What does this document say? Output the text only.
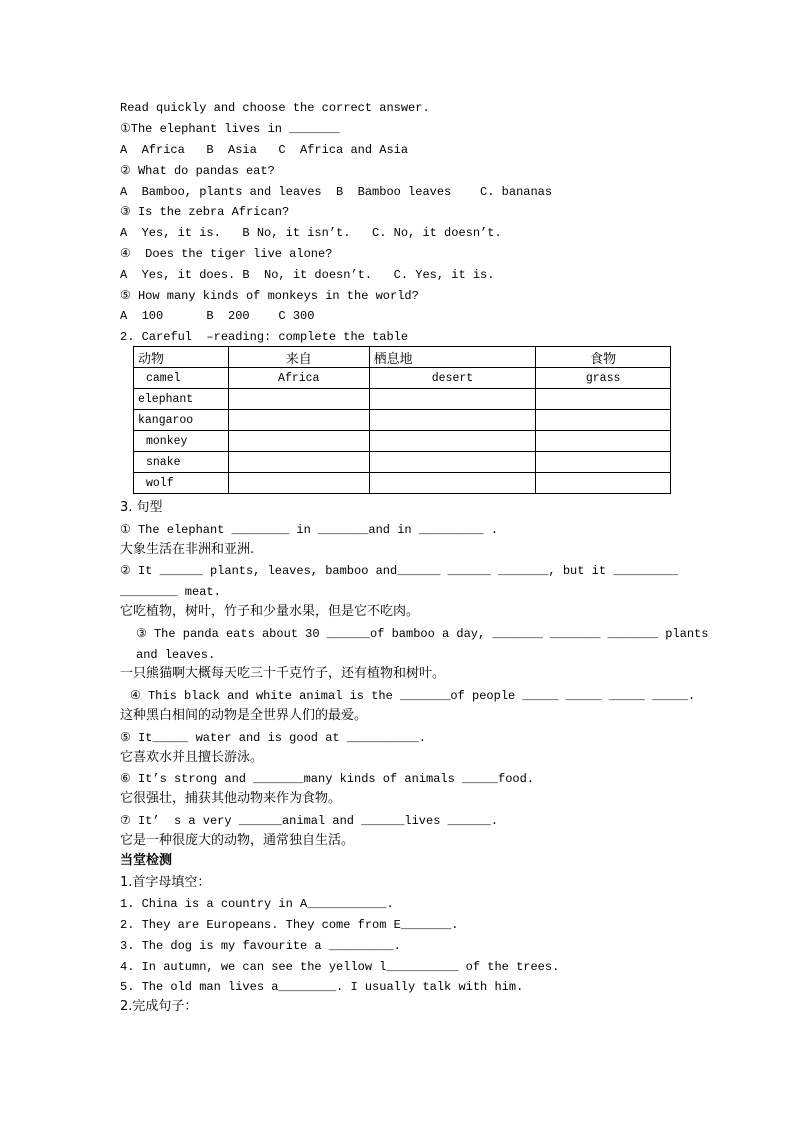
Read quickly and choose the correct answer.
①The elephant lives in _______
A  Africa   B  Asia   C  Africa and Asia
② What do pandas eat?
A  Bamboo, plants and leaves  B  Bamboo leaves    C. bananas
③ Is the zebra African?
A  Yes, it is.   B No, it isn’t.   C. No, it doesn’t.
④  Does the tiger live alone?
A  Yes, it does. B  No, it doesn’t.   C. Yes, it is.
⑤ How many kinds of monkeys in the world?
A  100      B  200    C 300
2. Careful  –reading: complete the table
动物	来自	栖息地	食物
camel	Africa	desert	grass
elephant			
kangaroo			
monkey			
snake			
wolf			
3. 句型
① The elephant ________ in _______and in _________ .
大象生活在非洲和亚洲.
② It ______ plants, leaves, bamboo and______ ______ _______, but it _________
________ meat.
它吃植物，树叶，竹子和少量水果，但是它不吃肉。
③ The panda eats about 30 ______of bamboo a day, _______ _______ _______ plants
and leaves.
一只熊猫啊大概每天吃三十千克竹子，还有植物和树叶。
④ This black and white animal is the _______of people _____ _____ _____ _____.
这种黑白相间的动物是全世界人们的最爱。
⑤ It_____ water and is good at __________.
它喜欢水并且擅长游泳。
⑥ It’s strong and _______many kinds of animals _____food.
它很强壮，捕获其他动物来作为食物。
⑦ It’  s a very ______animal and ______lives ______.
它是一种很庞大的动物，通常独自生活。
当堂检测
1.首字母填空：
1. China is a country in A___________.
2. They are Europeans. They come from E_______.
3. The dog is my favourite a _________.
4. In autumn, we can see the yellow l__________ of the trees.
5. The old man lives a________. I usually talk with him.
2.完成句子：
